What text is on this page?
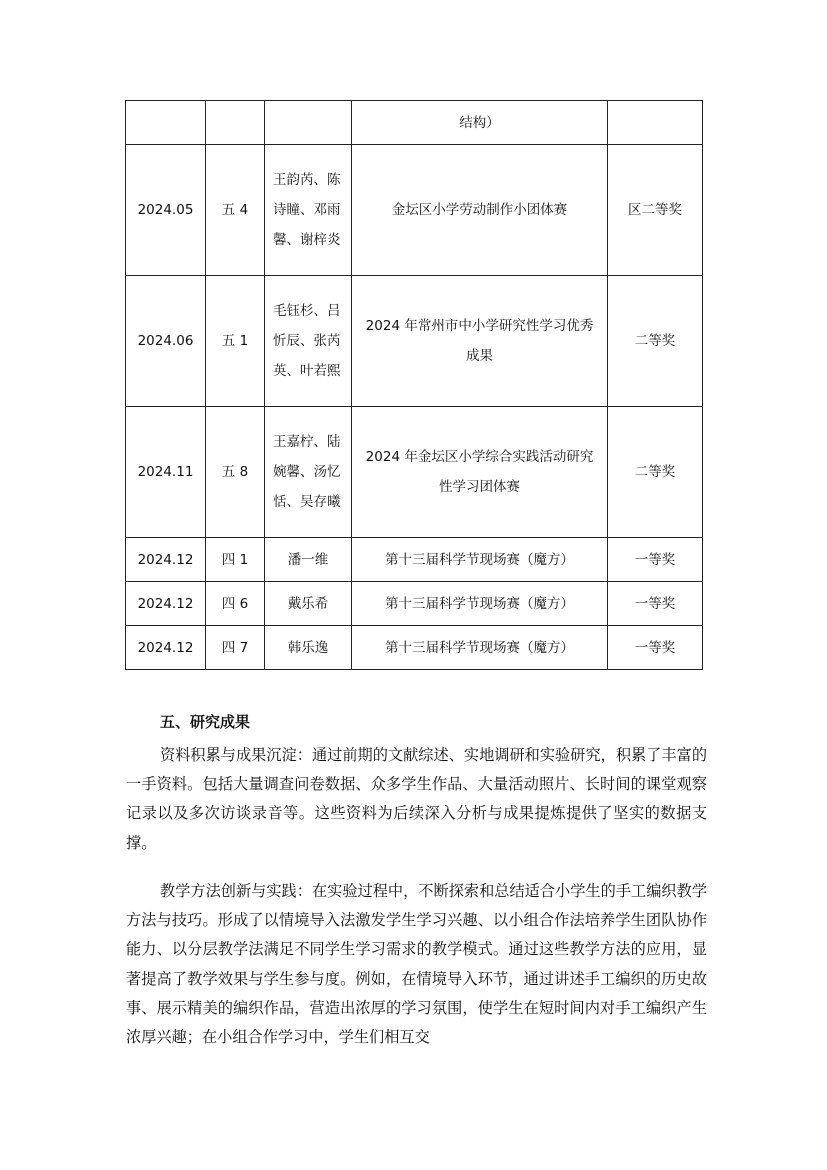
			结构）	
2024.05	五 4	王韵芮、陈诗瞳、邓雨馨、谢梓炎	金坛区小学劳动制作小团体赛	区二等奖
2024.06	五 1	毛钰杉、吕忻辰、张芮英、叶若熙	2024 年常州市中小学研究性学习优秀成果	二等奖
2024.11	五 8	王嘉柠、陆婉馨、汤忆恬、吴存曦	2024 年金坛区小学综合实践活动研究性学习团体赛	二等奖
2024.12	四 1	潘一维	第十三届科学节现场赛（魔方）	一等奖
2024.12	四 6	戴乐希	第十三届科学节现场赛（魔方）	一等奖
2024.12	四 7	韩乐逸	第十三届科学节现场赛（魔方）	一等奖
五、研究成果

资料积累与成果沉淀：通过前期的文献综述、实地调研和实验研究，积累了丰富的一手资料。包括大量调查问卷数据、众多学生作品、大量活动照片、长时间的课堂观察记录以及多次访谈录音等。这些资料为后续深入分析与成果提炼提供了坚实的数据支撑。

教学方法创新与实践：在实验过程中，不断探索和总结适合小学生的手工编织教学方法与技巧。形成了以情境导入法激发学生学习兴趣、以小组合作法培养学生团队协作能力、以分层教学法满足不同学生学习需求的教学模式。通过这些教学方法的应用，显著提高了教学效果与学生参与度。例如，在情境导入环节，通过讲述手工编织的历史故事、展示精美的编织作品，营造出浓厚的学习氛围，使学生在短时间内对手工编织产生浓厚兴趣；在小组合作学习中，学生们相互交
